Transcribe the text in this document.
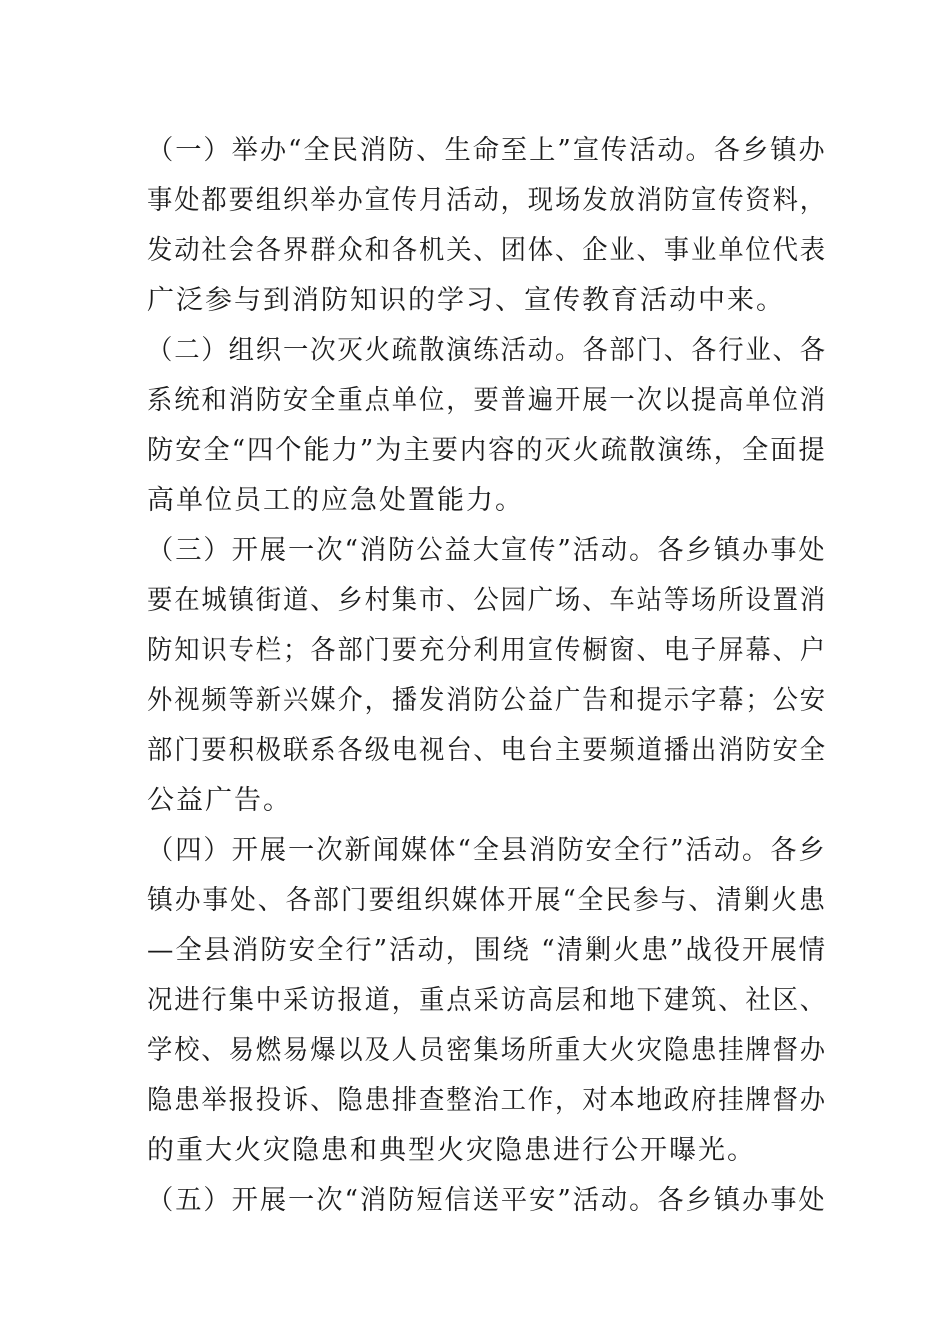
（一）举办“全民消防、生命至上”宣传活动。各乡镇办
事处都要组织举办宣传月活动，现场发放消防宣传资料，
发动社会各界群众和各机关、团体、企业、事业单位代表
广泛参与到消防知识的学习、宣传教育活动中来。
（二）组织一次灭火疏散演练活动。各部门、各行业、各
系统和消防安全重点单位，要普遍开展一次以提高单位消
防安全“四个能力”为主要内容的灭火疏散演练，全面提
高单位员工的应急处置能力。
（三）开展一次“消防公益大宣传”活动。各乡镇办事处
要在城镇街道、乡村集市、公园广场、车站等场所设置消
防知识专栏；各部门要充分利用宣传橱窗、电子屏幕、户
外视频等新兴媒介，播发消防公益广告和提示字幕；公安
部门要积极联系各级电视台、电台主要频道播出消防安全
公益广告。
（四）开展一次新闻媒体“全县消防安全行”活动。各乡
镇办事处、各部门要组织媒体开展“全民参与、清剿火患
—全县消防安全行”活动，围绕 “清剿火患”战役开展情
况进行集中采访报道，重点采访高层和地下建筑、社区、
学校、易燃易爆以及人员密集场所重大火灾隐患挂牌督办
隐患举报投诉、隐患排查整治工作，对本地政府挂牌督办
的重大火灾隐患和典型火灾隐患进行公开曝光。
（五）开展一次“消防短信送平安”活动。各乡镇办事处
